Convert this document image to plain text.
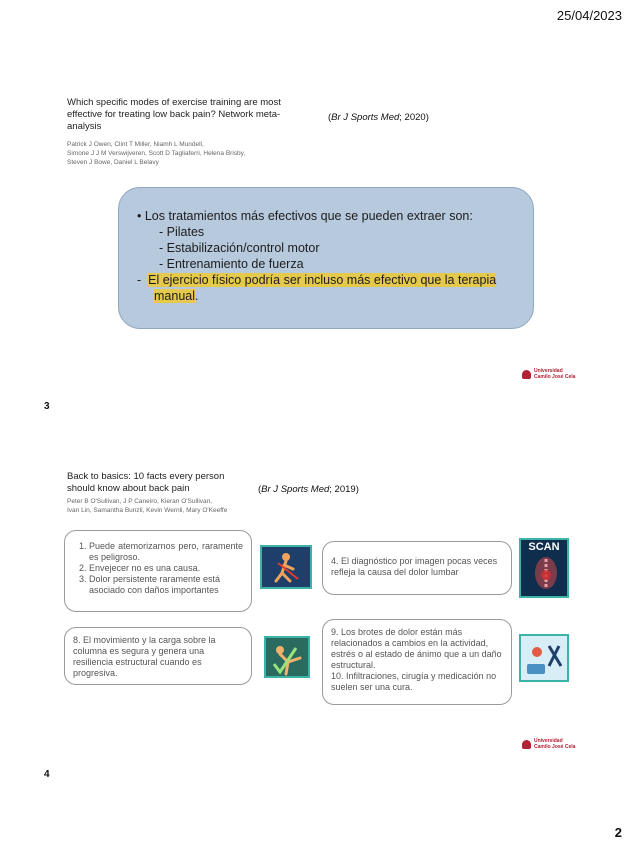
25/04/2023
2
Which specific modes of exercise training are most
effective for treating low back pain? Network meta-
analysis
Patrick J Owen, Clint T Miller, Niamh L Mundell,
Simone J J M Verswijveren, Scott D Tagliaferri, Helena Brisby,
Steven J Bowe, Daniel L Belavy
(Br J Sports Med; 2020)
• Los tratamientos más efectivos que se pueden extraer son:
- Pilates
- Estabilización/control motor
- Entrenamiento de fuerza
-  El ejercicio físico podría ser incluso más efectivo que la terapia
manual.
Universidad
Camilo José Cela
3
Back to basics: 10 facts every person
should know about back pain
Peter B O'Sullivan, J P Caneiro, Kieran O'Sullivan,
Ivan Lin, Samantha Bunzli, Kevin Wernli, Mary O'Keeffe
(Br J Sports Med; 2019)
1. Puede atemorizarnos pero, raramente es peligroso.
2. Envejecer no es una causa.
3. Dolor persistente raramente está asociado con daños importantes
4. El diagnóstico por imagen pocas veces refleja la causa del dolor lumbar
SCAN
8. El movimiento y la carga sobre la columna es segura y genera una resiliencia estructural cuando es progresiva.
9. Los brotes de dolor están más relacionados a cambios en la actividad, estrés o al estado de ánimo que a un daño estructural.
10. Infiltraciones, cirugía y medicación no suelen ser una cura.
Universidad
Camilo José Cela
4
